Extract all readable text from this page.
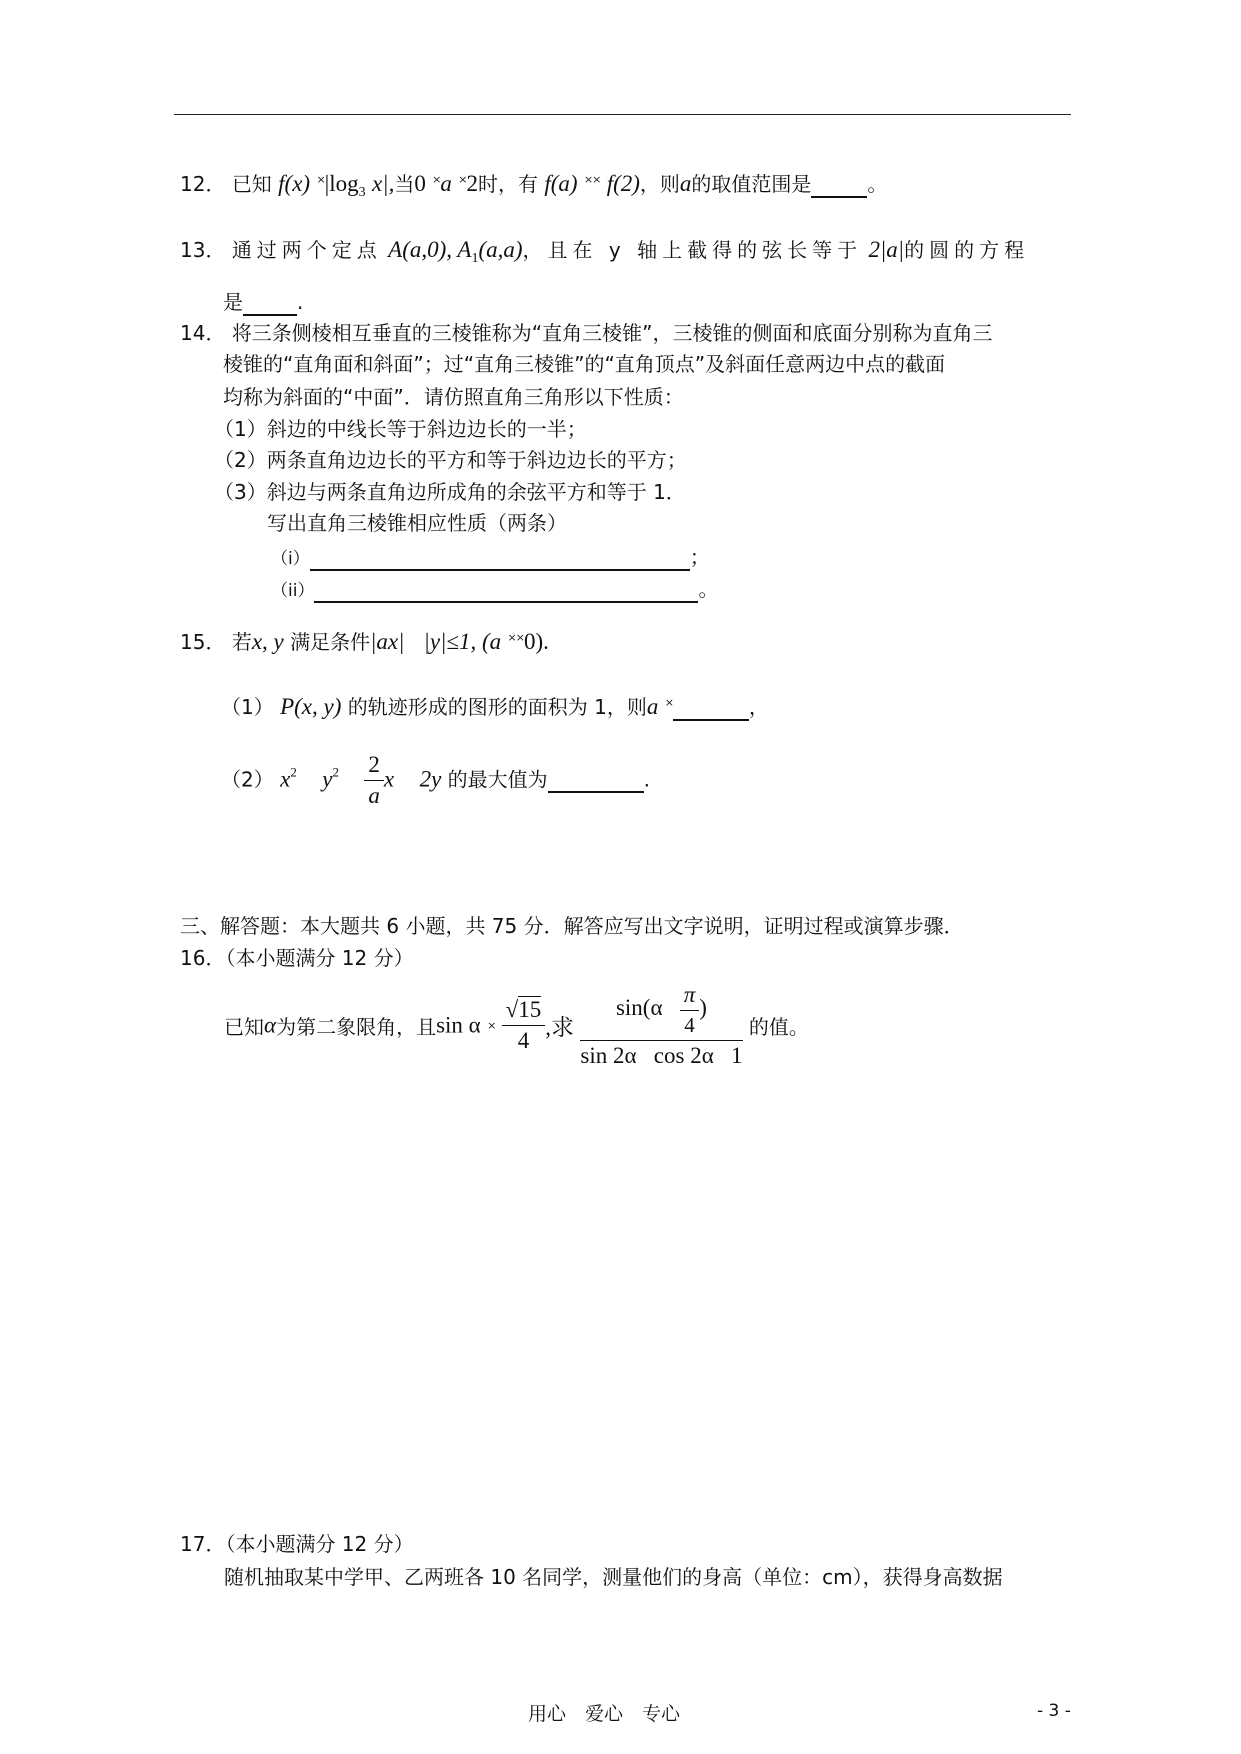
12． 已知 f(x) $^\times|\log_3$ x|,当0 ×a ×2时，有 f(a) ×× f(2)，则a的取值范围是	。
13． 通过两个定点 A(a,0), $A_1(a,a)$，且在 y 轴上截得的弦长等于 2|a|的圆的方程
是	.
14． 将三条侧棱相互垂直的三棱锥称为“直角三棱锥”，三棱锥的侧面和底面分别称为直角三
棱锥的“直角面和斜面”；过“直角三棱锥”的“直角顶点”及斜面任意两边中点的截面
均称为斜面的“中面”．请仿照直角三角形以下性质：
（1）斜边的中线长等于斜边边长的一半；
（2）两条直角边边长的平方和等于斜边边长的平方；
（3）斜边与两条直角边所成角的余弦平方和等于 1．
写出直角三棱锥相应性质（两条）
（i）	；
（ii）	。
15． 若x, y 满足条件|ax| |y|≤1, (a ××0).
（1） P(x, y) 的轨迹形成的图形的面积为 1，则a ×	，
（2） $x^2$ $y^2 \frac{2}{a}$ x 2y 的最大值为	.
三、解答题：本大题共 6 小题，共 75 分．解答应写出文字说明，证明过程或演算步骤．
16．（本小题满分 12 分）
已知α为第二象限角，且$\sin \alpha \times \frac{√15}{4}$ ,求 $\frac{\sin(\alpha \frac{\pi}{4} )}{\text{sin 2α   cos 2α   1}}$ 的值。
17．（本小题满分 12 分）
随机抽取某中学甲、乙两班各 10 名同学，测量他们的身高（单位：cm），获得身高数据
用心　爱心　专心	- 3 -
